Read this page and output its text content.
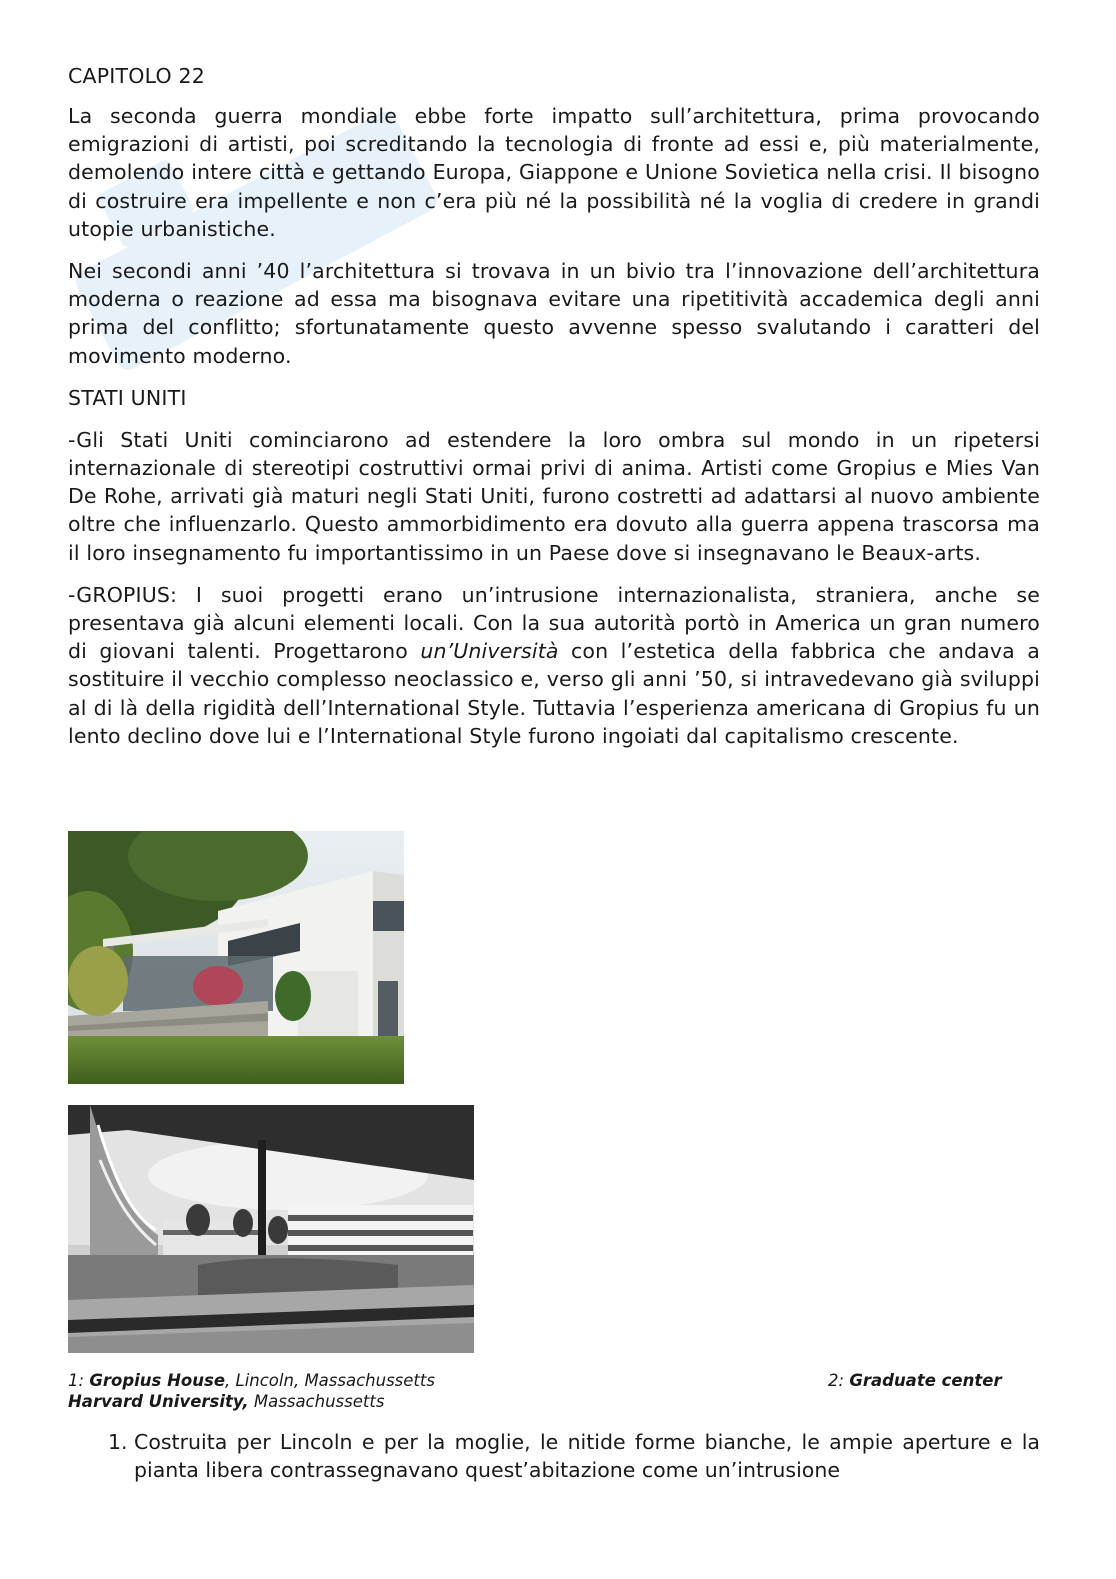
CAPITOLO 22

La seconda guerra mondiale ebbe forte impatto sull’architettura, prima provocando emigrazioni di artisti, poi screditando la tecnologia di fronte ad essi e, più materialmente, demolendo intere città e gettando Europa, Giappone e Unione Sovietica nella crisi. Il bisogno di costruire era impellente e non c’era più né la possibilità né la voglia di credere in grandi utopie urbanistiche.

Nei secondi anni ’40 l’architettura si trovava in un bivio tra l’innovazione dell’architettura moderna o reazione ad essa ma bisognava evitare una ripetitività accademica degli anni prima del conflitto; sfortunatamente questo avvenne spesso svalutando i caratteri del movimento moderno.

STATI UNITI

-Gli Stati Uniti cominciarono ad estendere la loro ombra sul mondo in un ripetersi internazionale di stereotipi costruttivi ormai privi di anima. Artisti come Gropius e Mies Van De Rohe, arrivati già maturi negli Stati Uniti, furono costretti ad adattarsi al nuovo ambiente oltre che influenzarlo. Questo ammorbidimento era dovuto alla guerra appena trascorsa ma il loro insegnamento fu importantissimo in un Paese dove si insegnavano le Beaux-arts.

-GROPIUS: I suoi progetti erano un’intrusione internazionalista, straniera, anche se presentava già alcuni elementi locali. Con la sua autorità portò in America un gran numero di giovani talenti. Progettarono un’Università con l’estetica della fabbrica che andava a sostituire il vecchio complesso neoclassico e, verso gli anni ’50, si intravedevano già sviluppi al di là della rigidità dell’International Style. Tuttavia l’esperienza americana di Gropius fu un lento declino dove lui e l’International Style furono ingoiati dal capitalismo crescente.

1: Gropius House, Lincoln, Massachussetts
Harvard University, Massachussetts
2: Graduate center
1. Costruita per Lincoln e per la moglie, le nitide forme bianche, le ampie aperture e la pianta libera contrassegnavano quest’abitazione come un’intrusione
